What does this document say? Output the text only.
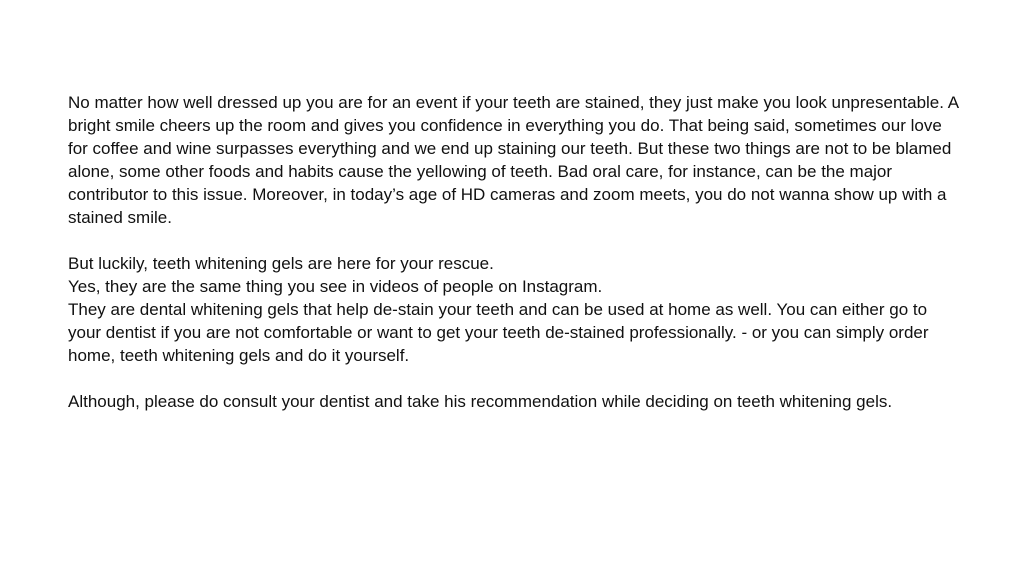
No matter how well dressed up you are for an event if your teeth are stained, they just make you look unpresentable. A bright smile cheers up the room and gives you confidence in everything you do. That being said, sometimes our love for coffee and wine surpasses everything and we end up staining our teeth. But these two things are not to be blamed alone, some other foods and habits cause the yellowing of teeth. Bad oral care, for instance, can be the major contributor to this issue. Moreover, in today’s age of HD cameras and zoom meets, you do not wanna show up with a stained smile.

But luckily, teeth whitening gels are here for your rescue.

Yes, they are the same thing you see in videos of people on Instagram.

They are dental whitening gels that help de-stain your teeth and can be used at home as well. You can either go to your dentist if you are not comfortable or want to get your teeth de-stained professionally. - or you can simply order home, teeth whitening gels and do it yourself.

Although, please do consult your dentist and take his recommendation while deciding on teeth whitening gels.
